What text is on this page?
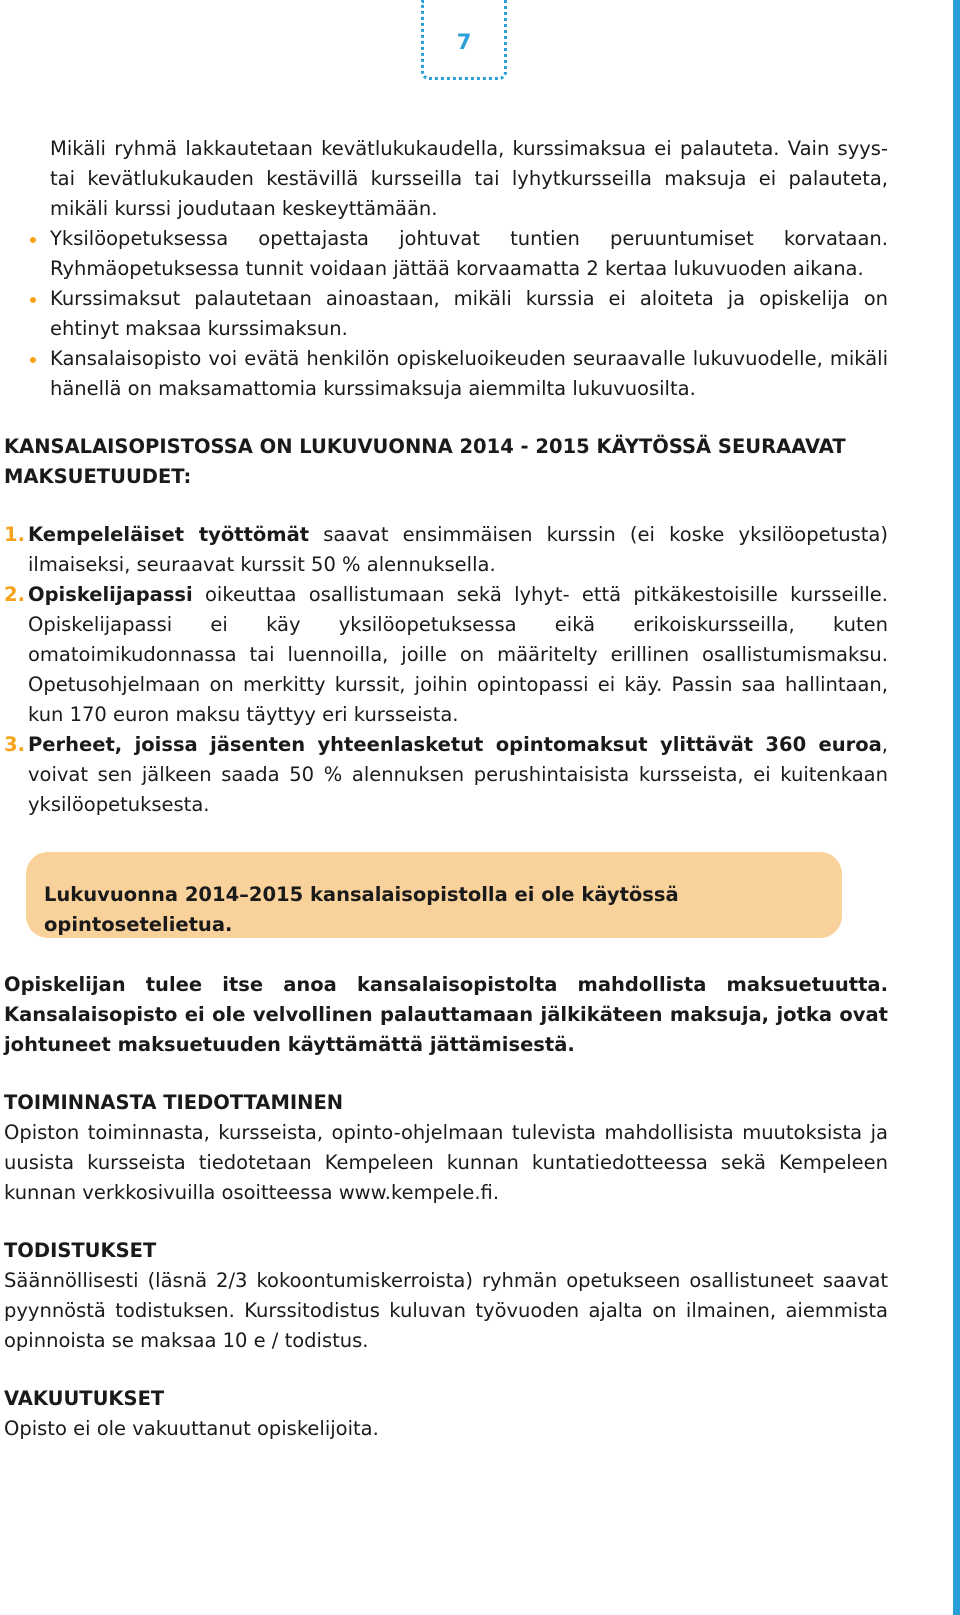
7

Mikäli ryhmä lakkautetaan kevätlukukaudella, kurssimaksua ei palauteta. Vain syys- tai kevätlukukauden kestävillä kursseilla tai lyhytkursseilla maksuja ei palauteta, mikäli kurssi joudutaan keskeyttämään.

Yksilöopetuksessa opettajasta johtuvat tuntien peruuntumiset korvataan. Ryhmäopetuksessa tunnit voidaan jättää korvaamatta 2 kertaa lukuvuoden aikana.
Kurssimaksut palautetaan ainoastaan, mikäli kurssia ei aloiteta ja opiskelija on ehtinyt maksaa kurssimaksun.
Kansalaisopisto voi evätä henkilön opiskeluoikeuden seuraavalle lukuvuodelle, mikäli hänellä on maksamattomia kurssimaksuja aiemmilta lukuvuosilta.
KANSALAISOPISTOSSA ON LUKUVUONNA 2014 - 2015 KÄYTÖSSÄ SEURAAVAT MAKSUETUUDET:
1. Kempeleläiset työttömät saavat ensimmäisen kurssin (ei koske yksilöopetusta) ilmaiseksi, seuraavat kurssit 50 % alennuksella.
2. Opiskelijapassi oikeuttaa osallistumaan sekä lyhyt- että pitkäkestoisille kursseille. Opiskelijapassi ei käy yksilöopetuksessa eikä erikoiskursseilla, kuten omatoimikudonnassa tai luennoilla, joille on määritelty erillinen osallistumismaksu. Opetusohjelmaan on merkitty kurssit, joihin opintopassi ei käy. Passin saa hallintaan, kun 170 euron maksu täyttyy eri kursseista.
3. Perheet, joissa jäsenten yhteenlasketut opintomaksut ylittävät 360 euroa, voivat sen jälkeen saada 50 % alennuksen perushintaisista kursseista, ei kuitenkaan yksilöopetuksesta.
Lukuvuonna 2014–2015 kansalaisopistolla ei ole käytössä opintosetelietua.

Opiskelijan tulee itse anoa kansalaisopistolta mahdollista maksuetuutta. Kansalaisopisto ei ole velvollinen palauttamaan jälkikäteen maksuja, jotka ovat johtuneet maksuetuuden käyttämättä jättämisestä.

TOIMINNASTA TIEDOTTAMINEN

Opiston toiminnasta, kursseista, opinto-ohjelmaan tulevista mahdollisista muutoksista ja uusista kursseista tiedotetaan Kempeleen kunnan kuntatiedotteessa sekä Kempeleen kunnan verkkosivuilla osoitteessa www.kempele.fi.

TODISTUKSET

Säännöllisesti (läsnä 2/3 kokoontumiskerroista) ryhmän opetukseen osallistuneet saavat pyynnöstä todistuksen. Kurssitodistus kuluvan työvuoden ajalta on ilmainen, aiemmista opinnoista se maksaa 10 e / todistus.

VAKUUTUKSET

Opisto ei ole vakuuttanut opiskelijoita.
